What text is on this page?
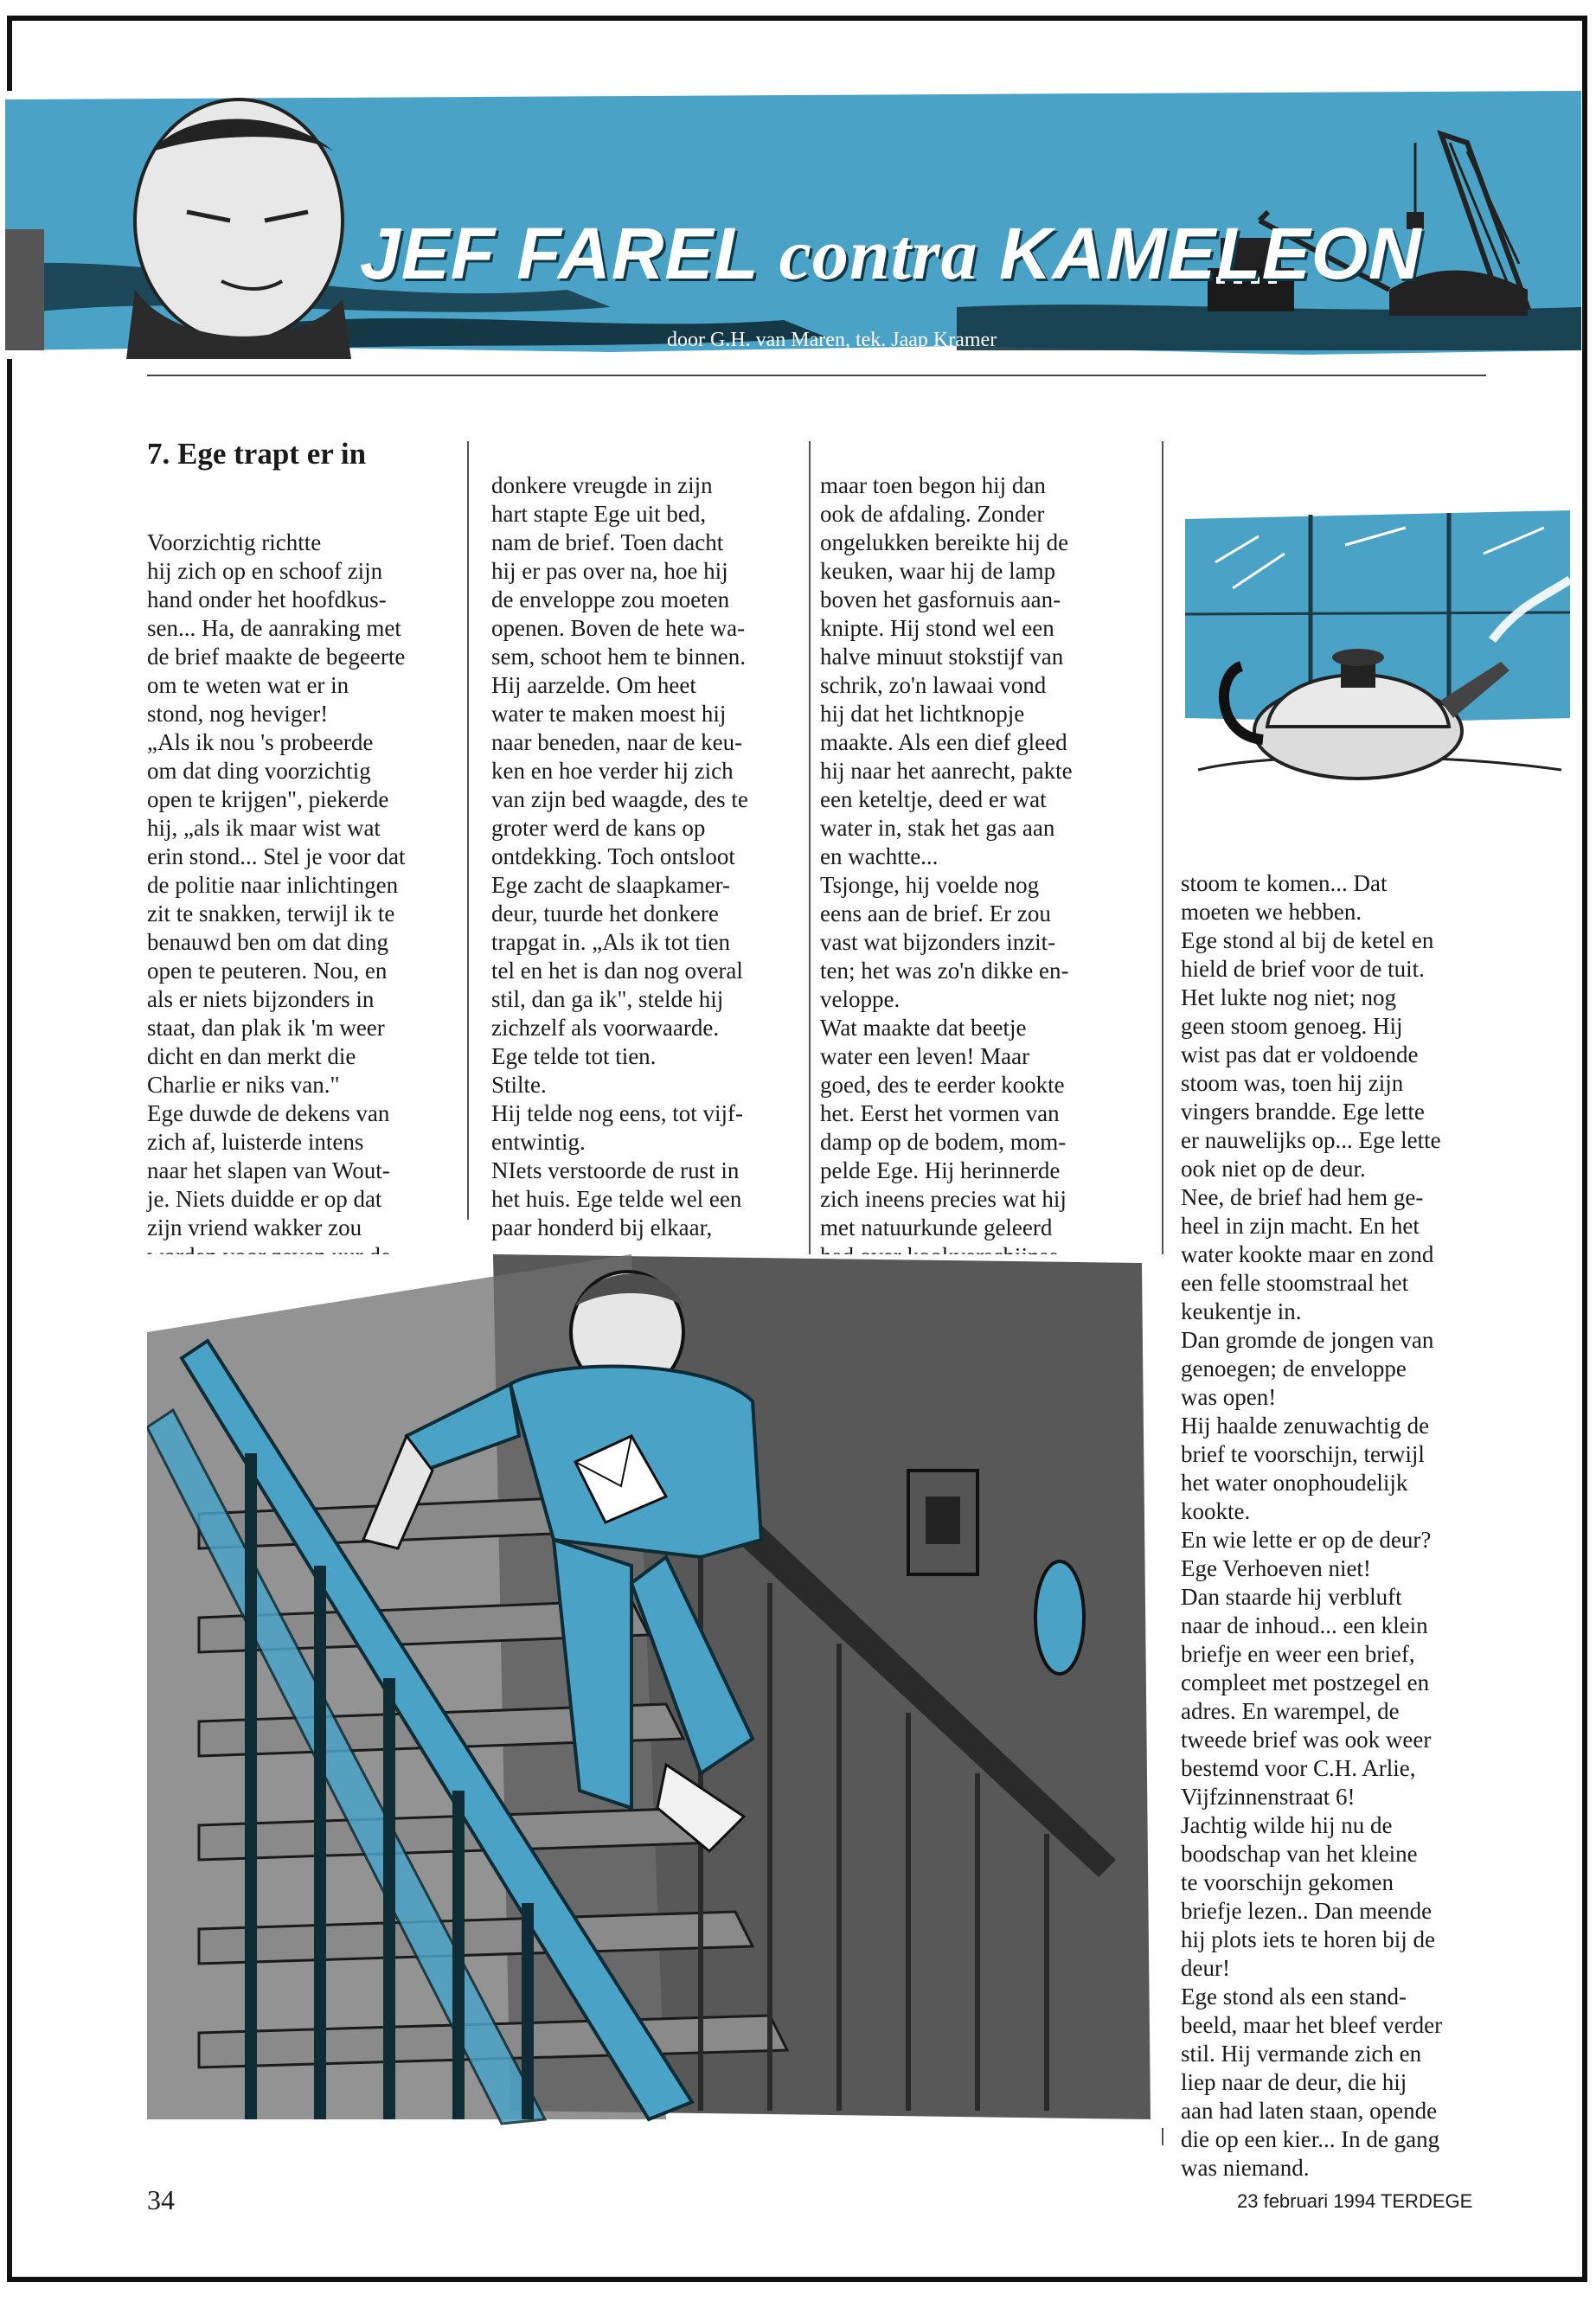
JEF FAREL contra KAMELEON
door G.H. van Maren, tek. Jaap Kramer
7. Ege trapt er in

Voorzichtig richtte
hij zich op en schoof zijn
hand onder het hoofdkus-
sen... Ha, de aanraking met
de brief maakte de begeerte
om te weten wat er in
stond, nog heviger!
„Als ik nou 's probeerde
om dat ding voorzichtig
open te krijgen", piekerde
hij, „als ik maar wist wat
erin stond... Stel je voor dat
de politie naar inlichtingen
zit te snakken, terwijl ik te
benauwd ben om dat ding
open te peuteren. Nou, en
als er niets bijzonders in
staat, dan plak ik 'm weer
dicht en dan merkt die
Charlie er niks van."
Ege duwde de dekens van
zich af, luisterde intens
naar het slapen van Wout-
je. Niets duidde er op dat
zijn vriend wakker zou

donkere vreugde in zijn
hart stapte Ege uit bed,
nam de brief. Toen dacht
hij er pas over na, hoe hij
de enveloppe zou moeten
openen. Boven de hete wa-
sem, schoot hem te binnen.
Hij aarzelde. Om heet
water te maken moest hij
naar beneden, naar de keu-
ken en hoe verder hij zich
van zijn bed waagde, des te
groter werd de kans op
ontdekking. Toch ontsloot
Ege zacht de slaapkamer-
deur, tuurde het donkere
trapgat in. „Als ik tot tien
tel en het is dan nog overal
stil, dan ga ik", stelde hij
zichzelf als voorwaarde.
Ege telde tot tien.
Stilte.
Hij telde nog eens, tot vijf-
entwintig.
NIets verstoorde de rust in
het huis. Ege telde wel een
paar honderd bij elkaar,

maar toen begon hij dan
ook de afdaling. Zonder
ongelukken bereikte hij de
keuken, waar hij de lamp
boven het gasfornuis aan-
knipte. Hij stond wel een
halve minuut stokstijf van
schrik, zo'n lawaai vond
hij dat het lichtknopje
maakte. Als een dief gleed
hij naar het aanrecht, pakte
een keteltje, deed er wat
water in, stak het gas aan
en wachtte...
Tsjonge, hij voelde nog
eens aan de brief. Er zou
vast wat bijzonders inzit-
ten; het was zo'n dikke en-
veloppe.
Wat maakte dat beetje
water een leven! Maar
goed, des te eerder kookte
het. Eerst het vormen van
damp op de bodem, mom-
pelde Ege. Hij herinnerde
zich ineens precies wat hij
met natuurkunde geleerd

stoom te komen... Dat
moeten we hebben.
Ege stond al bij de ketel en
hield de brief voor de tuit.
Het lukte nog niet; nog
geen stoom genoeg. Hij
wist pas dat er voldoende
stoom was, toen hij zijn
vingers brandde. Ege lette
er nauwelijks op... Ege lette
ook niet op de deur.
Nee, de brief had hem ge-
heel in zijn macht. En het
water kookte maar en zond
een felle stoomstraal het
keukentje in.
Dan gromde de jongen van
genoegen; de enveloppe
was open!
Hij haalde zenuwachtig de
brief te voorschijn, terwijl
het water onophoudelijk
kookte.
En wie lette er op de deur?
Ege Verhoeven niet!
Dan staarde hij verbluft
naar de inhoud... een klein
briefje en weer een brief,
compleet met postzegel en
adres. En warempel, de
tweede brief was ook weer
bestemd voor C.H. Arlie,
Vijfzinnenstraat 6!
Jachtig wilde hij nu de
boodschap van het kleine
te voorschijn gekomen
briefje lezen.. Dan meende
hij plots iets te horen bij de
deur!
Ege stond als een stand-
beeld, maar het bleef verder
stil. Hij vermande zich en
liep naar de deur, die hij
aan had laten staan, opende
die op een kier... In de gang
was niemand.

34	23 februari 1994 TERDEGE
